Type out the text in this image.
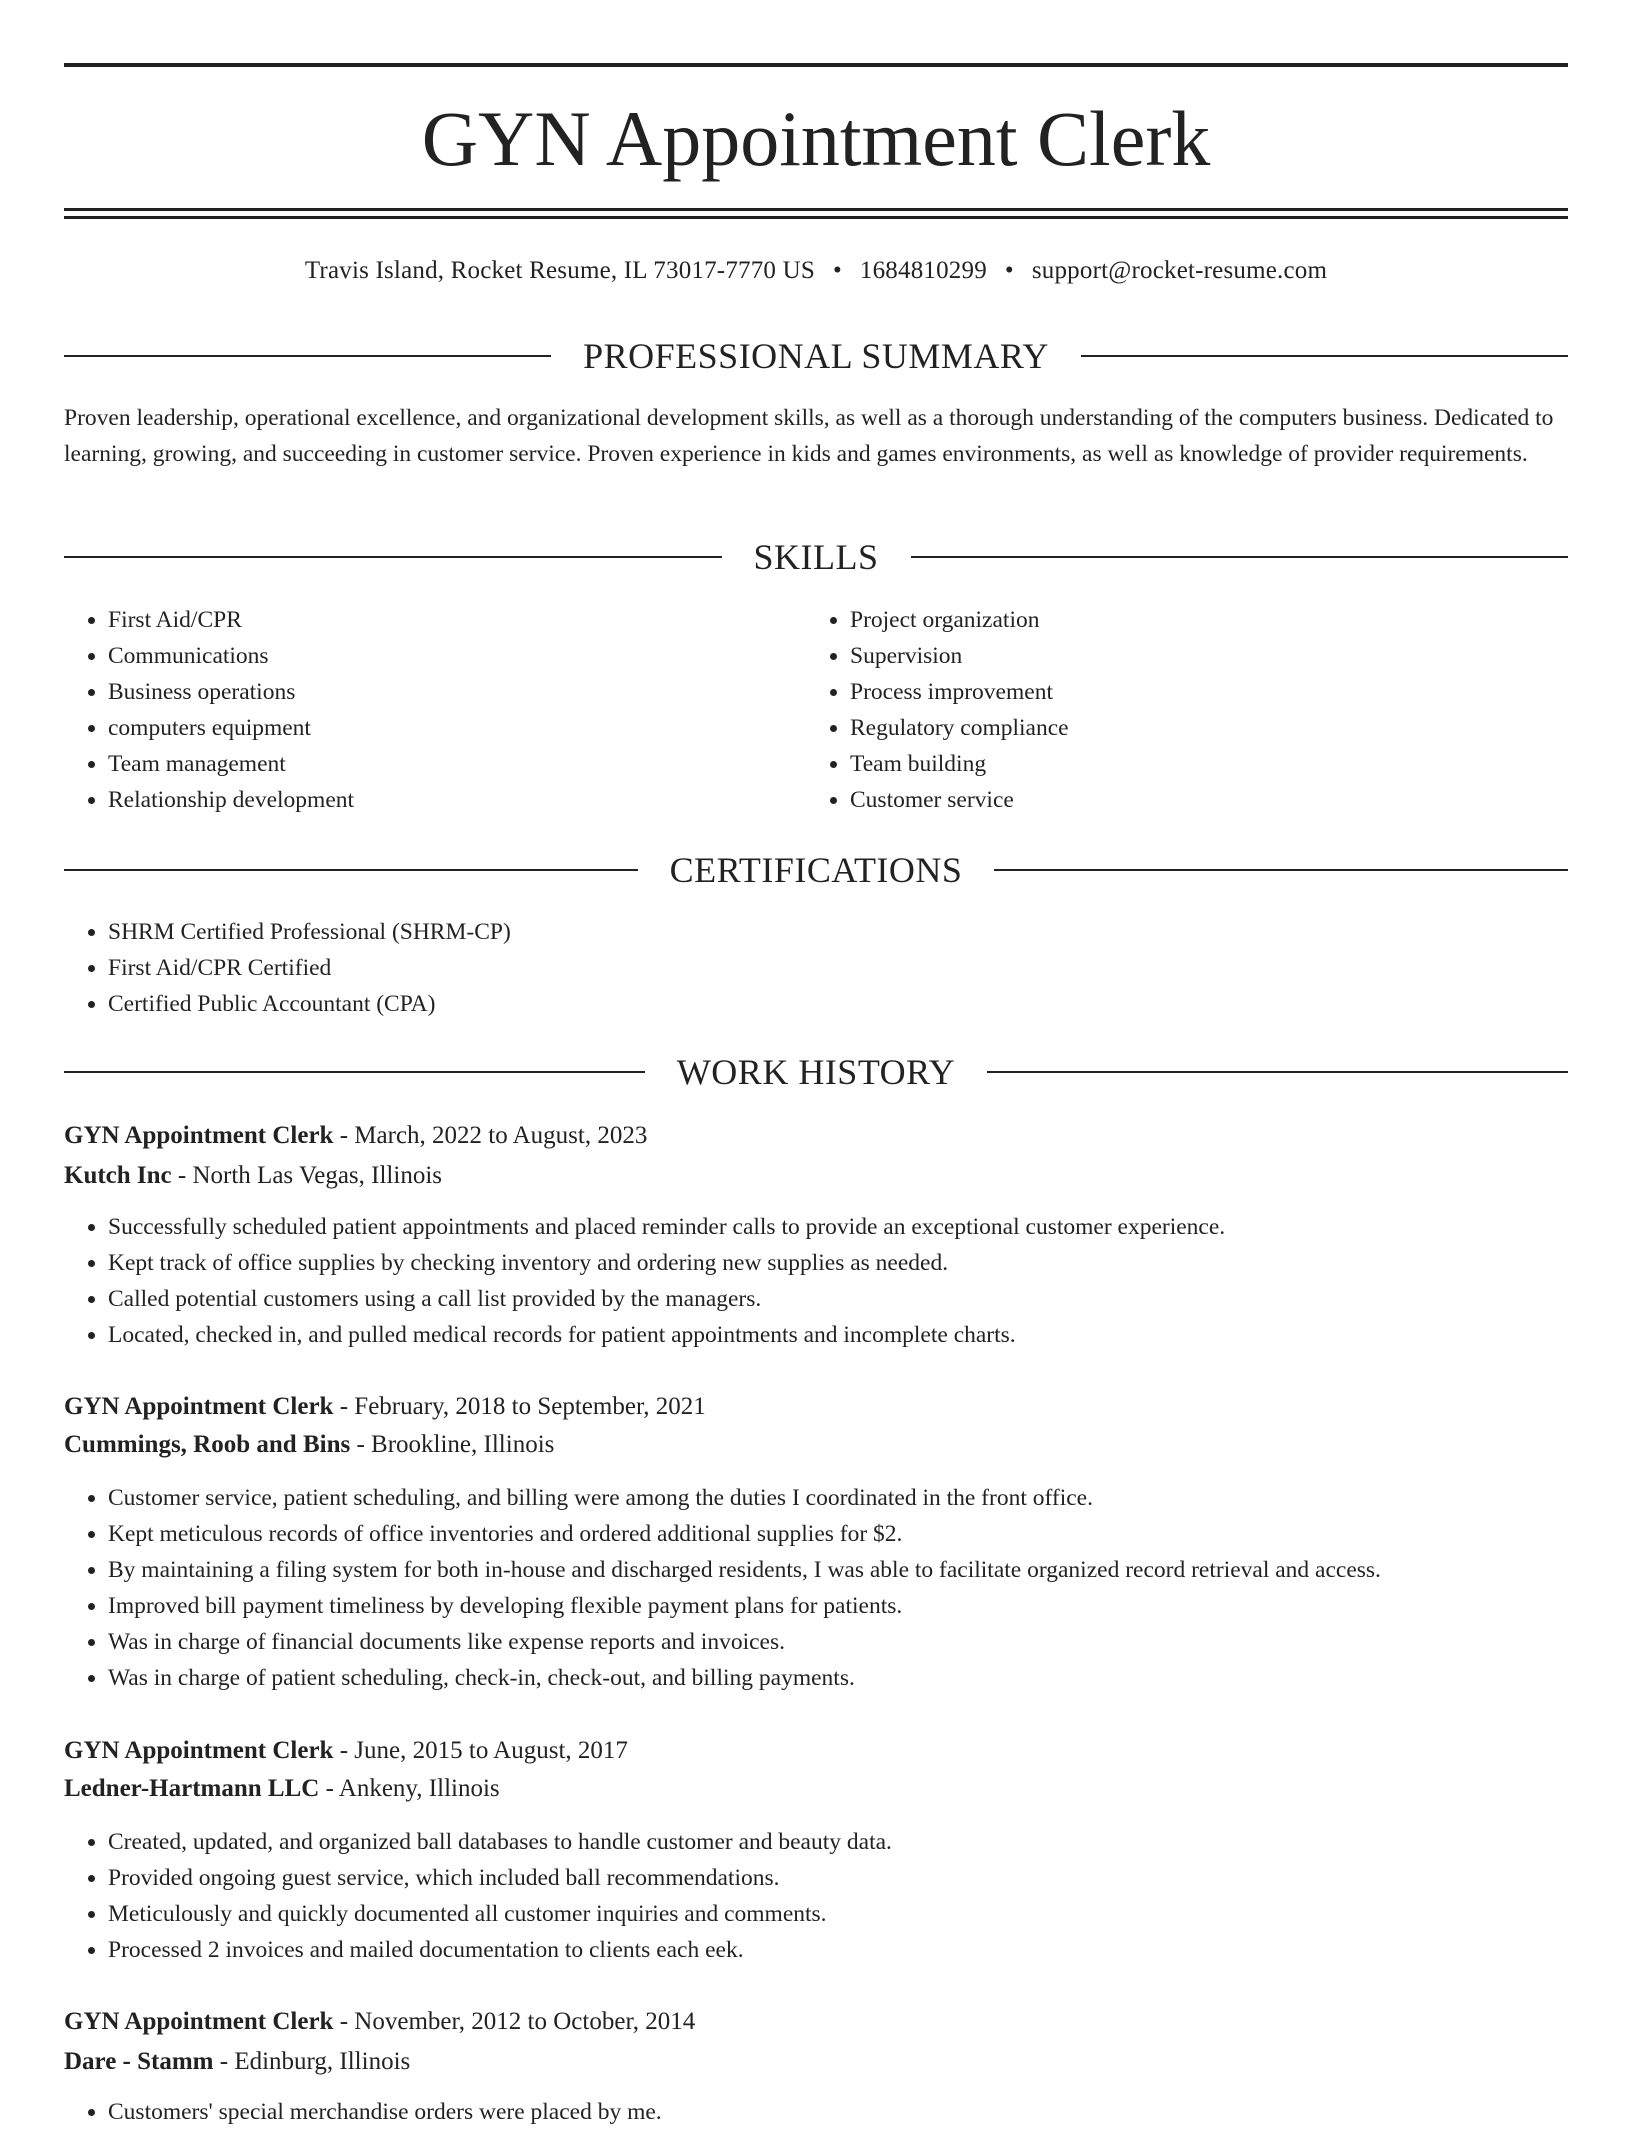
GYN Appointment Clerk
Travis Island, Rocket Resume, IL 73017-7770 US • 1684810299 • support@rocket-resume.com
PROFESSIONAL SUMMARY
Proven leadership, operational excellence, and organizational development skills, as well as a thorough understanding of the computers business. Dedicated to learning, growing, and succeeding in customer service. Proven experience in kids and games environments, as well as knowledge of provider requirements.
SKILLS
• First Aid/CPR
• Communications
• Business operations
• computers equipment
• Team management
• Relationship development
• Project organization
• Supervision
• Process improvement
• Regulatory compliance
• Team building
• Customer service
CERTIFICATIONS
• SHRM Certified Professional (SHRM-CP)
• First Aid/CPR Certified
• Certified Public Accountant (CPA)
WORK HISTORY
GYN Appointment Clerk - March, 2022 to August, 2023
Kutch Inc - North Las Vegas, Illinois
• Successfully scheduled patient appointments and placed reminder calls to provide an exceptional customer experience.
• Kept track of office supplies by checking inventory and ordering new supplies as needed.
• Called potential customers using a call list provided by the managers.
• Located, checked in, and pulled medical records for patient appointments and incomplete charts.
GYN Appointment Clerk - February, 2018 to September, 2021
Cummings, Roob and Bins - Brookline, Illinois
• Customer service, patient scheduling, and billing were among the duties I coordinated in the front office.
• Kept meticulous records of office inventories and ordered additional supplies for $2.
• By maintaining a filing system for both in-house and discharged residents, I was able to facilitate organized record retrieval and access.
• Improved bill payment timeliness by developing flexible payment plans for patients.
• Was in charge of financial documents like expense reports and invoices.
• Was in charge of patient scheduling, check-in, check-out, and billing payments.
GYN Appointment Clerk - June, 2015 to August, 2017
Ledner-Hartmann LLC - Ankeny, Illinois
• Created, updated, and organized ball databases to handle customer and beauty data.
• Provided ongoing guest service, which included ball recommendations.
• Meticulously and quickly documented all customer inquiries and comments.
• Processed 2 invoices and mailed documentation to clients each eek.
GYN Appointment Clerk - November, 2012 to October, 2014
Dare - Stamm - Edinburg, Illinois
• Customers' special merchandise orders were placed by me.
